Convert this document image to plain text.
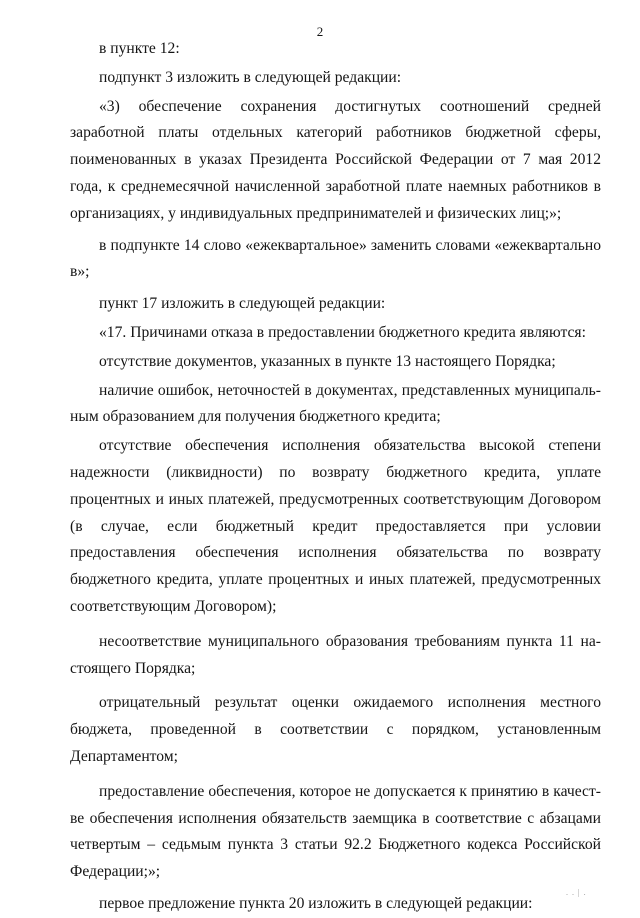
2

в пункте 12:

подпункт 3 изложить в следующей редакции:

«3) обеспечение сохранения достигнутых соотношений средней заработной платы отдельных категорий работников бюджетной сферы, поименованных в указах Президента Российской Федерации от 7 мая 2012 года, к среднемесячной начисленной заработной плате наемных работников в организациях, у индивидуальных предпринимателей и физических лиц;»;

в подпункте 14 слово «ежеквартальное» заменить словами «ежеквартально в»;

пункт 17 изложить в следующей редакции:

«17. Причинами отказа в предоставлении бюджетного кредита являются:

отсутствие документов, указанных в пункте 13 настоящего Порядка;

наличие ошибок, неточностей в документах, представленных муниципальным образованием для получения бюджетного кредита;

отсутствие обеспечения исполнения обязательства высокой степени надежности (ликвидности) по возврату бюджетного кредита, уплате процентных и иных платежей, предусмотренных соответствующим Договором (в случае, если бюджетный кредит предоставляется при условии предоставления обеспечения исполнения обязательства по возврату бюджетного кредита, уплате процентных и иных платежей, предусмотренных соответствующим Договором);

несоответствие муниципального образования требованиям пункта 11 настоящего Порядка;

отрицательный результат оценки ожидаемого исполнения местного бюджета, проведенной в соответствии с порядком, установленным Департаментом;

предоставление обеспечения, которое не допускается к принятию в качестве обеспечения исполнения обязательств заемщика в соответствие с абзацами четвертым – седьмым пункта 3 статьи 92.2 Бюджетного кодекса Российской Федерации;»;

первое предложение пункта 20 изложить в следующей редакции:

. . | .
